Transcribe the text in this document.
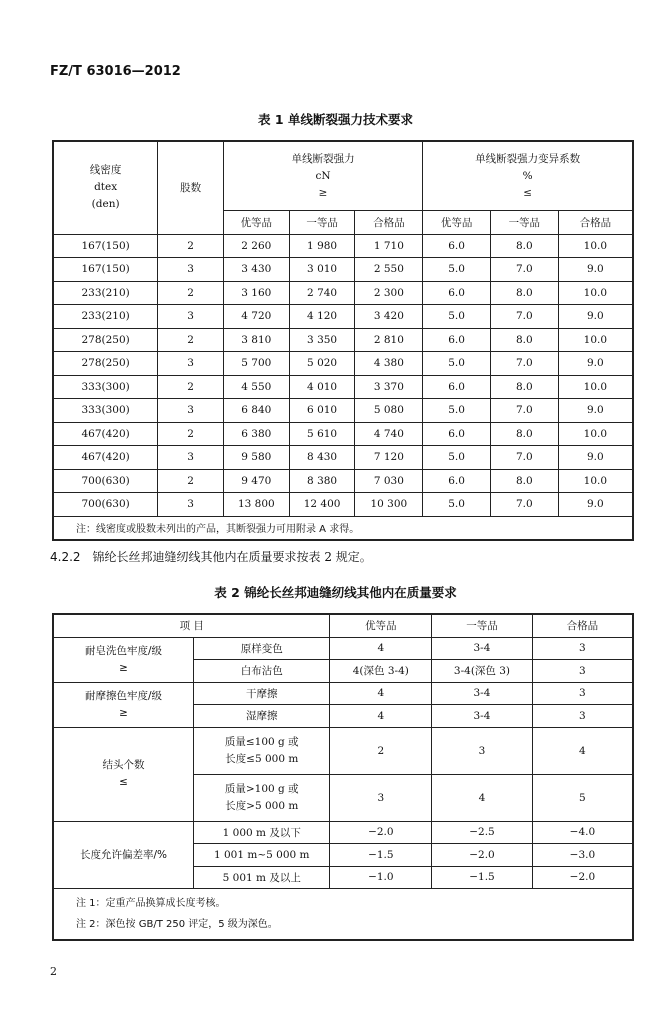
FZ/T 63016—2012
表 1 单线断裂强力技术要求
线密度
dtex
(den)	股数	单线断裂强力
cN
≥			单线断裂强力变异系数
%
≤		

		优等品	一等品	合格品	优等品	一等品	合格品
167(150)	2	2 260	1 980	1 710	6.0	8.0	10.0
167(150)	3	3 430	3 010	2 550	5.0	7.0	9.0
233(210)	2	3 160	2 740	2 300	6.0	8.0	10.0
233(210)	3	4 720	4 120	3 420	5.0	7.0	9.0
278(250)	2	3 810	3 350	2 810	6.0	8.0	10.0
278(250)	3	5 700	5 020	4 380	5.0	7.0	9.0
333(300)	2	4 550	4 010	3 370	6.0	8.0	10.0
333(300)	3	6 840	6 010	5 080	5.0	7.0	9.0
467(420)	2	6 380	5 610	4 740	6.0	8.0	10.0
467(420)	3	9 580	8 430	7 120	5.0	7.0	9.0
700(630)	2	9 470	8 380	7 030	6.0	8.0	10.0
700(630)	3	13 800	12 400	10 300	5.0	7.0	9.0
注：线密度或股数未列出的产品，其断裂强力可用附录 A 求得。							
4.2.2 锦纶长丝邦迪缝纫线其他内在质量要求按表 2 规定。
表 2 锦纶长丝邦迪缝纫线其他内在质量要求
项 目		优等品	一等品	合格品

耐皂洗色牢度/级
≥	原样变色	4	3-4	3
	白布沾色	4(深色 3-4)	3-4(深色 3)	3

耐摩擦色牢度/级
≥	干摩擦	4	3-4	3
	湿摩擦	4	3-4	3

结头个数
≤	质量≤100 g 或
长度≤5 000 m	2	3	4

	质量>100 g 或
长度>5 000 m	3	4	5
长度允许偏差率/%	1 000 m 及以下	−2.0	−2.5	−4.0
	1 001 m~5 000 m	−1.5	−2.0	−3.0
	5 001 m 及以上	−1.0	−1.5	−2.0

注 1：定重产品换算成长度考核。
注 2：深色按 GB/T 250 评定，5 级为深色。				
2
